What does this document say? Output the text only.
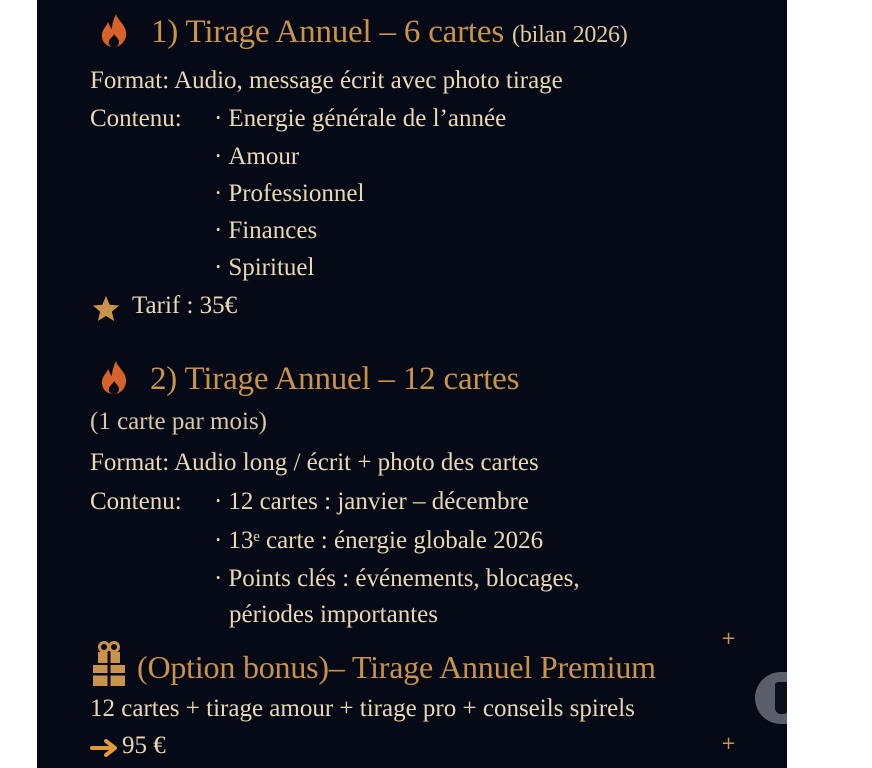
1) Tirage Annuel – 6 cartes (bilan 2026)
Format: Audio, message écrit avec photo tirage
Contenu: · Energie générale de l’année
· Amour
· Professionnel
· Finances
· Spirituel
Tarif : 35€
2) Tirage Annuel – 12 cartes
(1 carte par mois)
Format: Audio long / écrit + photo des cartes
Contenu: · 12 cartes : janvier – décembre
· 13ᵉ carte : énergie globale 2026
· Points clés : événements, blocages,
périodes importantes
+
+
(Option bonus)– Tirage Annuel Premium
12 cartes + tirage amour + tirage pro + conseils spirels
95 €
